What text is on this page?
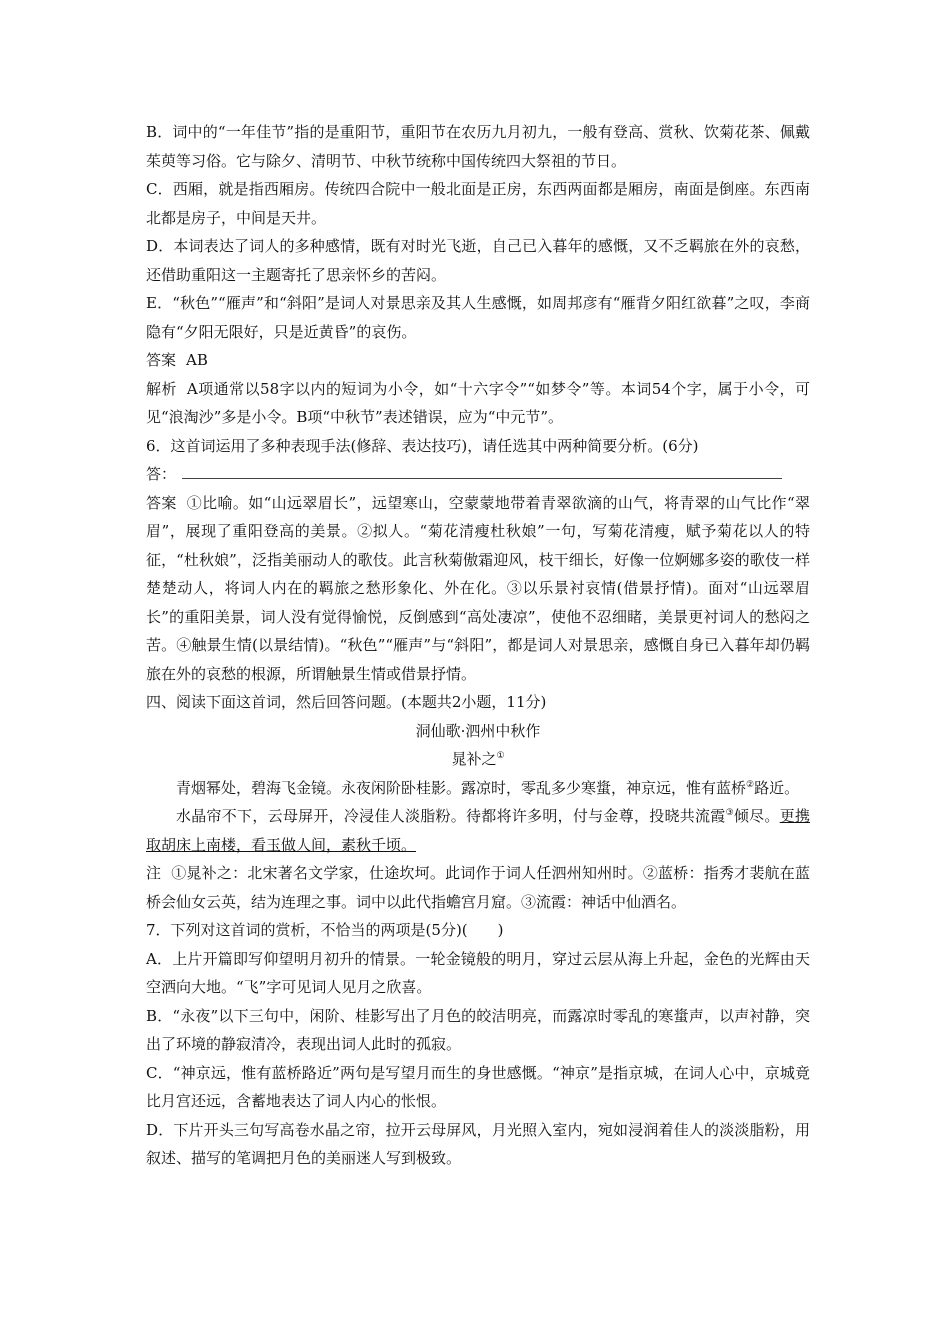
B．词中的“一年佳节”指的是重阳节，重阳节在农历九月初九，一般有登高、赏秋、饮菊花茶、佩戴茱萸等习俗。它与除夕、清明节、中秋节统称中国传统四大祭祖的节日。

C．西厢，就是指西厢房。传统四合院中一般北面是正房，东西两面都是厢房，南面是倒座。东西南北都是房子，中间是天井。

D．本词表达了词人的多种感情，既有对时光飞逝，自己已入暮年的感慨，又不乏羁旅在外的哀愁，还借助重阳这一主题寄托了思亲怀乡的苦闷。

E．“秋色”“雁声”和“斜阳”是词人对景思亲及其人生感慨，如周邦彦有“雁背夕阳红欲暮”之叹，李商隐有“夕阳无限好，只是近黄昏”的哀伤。

答案 AB

解析 A项通常以58字以内的短词为小令，如“十六字令”“如梦令”等。本词54个字，属于小令，可见“浪淘沙”多是小令。B项“中秋节”表述错误，应为“中元节”。

6．这首词运用了多种表现手法(修辞、表达技巧)，请任选其中两种简要分析。(6分)

答：

答案 ①比喻。如“山远翠眉长”，远望寒山，空蒙蒙地带着青翠欲滴的山气，将青翠的山气比作“翠眉”，展现了重阳登高的美景。②拟人。“菊花清瘦杜秋娘”一句，写菊花清瘦，赋予菊花以人的特征，“杜秋娘”，泛指美丽动人的歌伎。此言秋菊傲霜迎风，枝干细长，好像一位婀娜多姿的歌伎一样楚楚动人，将词人内在的羁旅之愁形象化、外在化。③以乐景衬哀情(借景抒情)。面对“山远翠眉长”的重阳美景，词人没有觉得愉悦，反倒感到“高处凄凉”，使他不忍细睹，美景更衬词人的愁闷之苦。④触景生情(以景结情)。“秋色”“雁声”与“斜阳”，都是词人对景思亲，感慨自身已入暮年却仍羁旅在外的哀愁的根源，所谓触景生情或借景抒情。

四、阅读下面这首词，然后回答问题。(本题共2小题，11分)

洞仙歌·泗州中秋作

晁补之①

青烟幂处，碧海飞金镜。永夜闲阶卧桂影。露凉时，零乱多少寒螀，神京远，惟有蓝桥②路近。

水晶帘不下，云母屏开，冷浸佳人淡脂粉。待都将许多明，付与金尊，投晓共流霞③倾尽。更携取胡床上南楼，看玉做人间，素秋千顷。

注 ①晁补之：北宋著名文学家，仕途坎坷。此词作于词人任泗州知州时。②蓝桥：指秀才裴航在蓝桥会仙女云英，结为连理之事。词中以此代指蟾宫月窟。③流霞：神话中仙酒名。

7．下列对这首词的赏析，不恰当的两项是(5分)(　　)

A．上片开篇即写仰望明月初升的情景。一轮金镜般的明月，穿过云层从海上升起，金色的光辉由天空洒向大地。“飞”字可见词人见月之欣喜。

B．“永夜”以下三句中，闲阶、桂影写出了月色的皎洁明亮，而露凉时零乱的寒螀声，以声衬静，突出了环境的静寂清冷，表现出词人此时的孤寂。

C．“神京远，惟有蓝桥路近”两句是写望月而生的身世感慨。“神京”是指京城，在词人心中，京城竟比月宫还远，含蓄地表达了词人内心的怅恨。

D．下片开头三句写高卷水晶之帘，拉开云母屏风，月光照入室内，宛如浸润着佳人的淡淡脂粉，用叙述、描写的笔调把月色的美丽迷人写到极致。
